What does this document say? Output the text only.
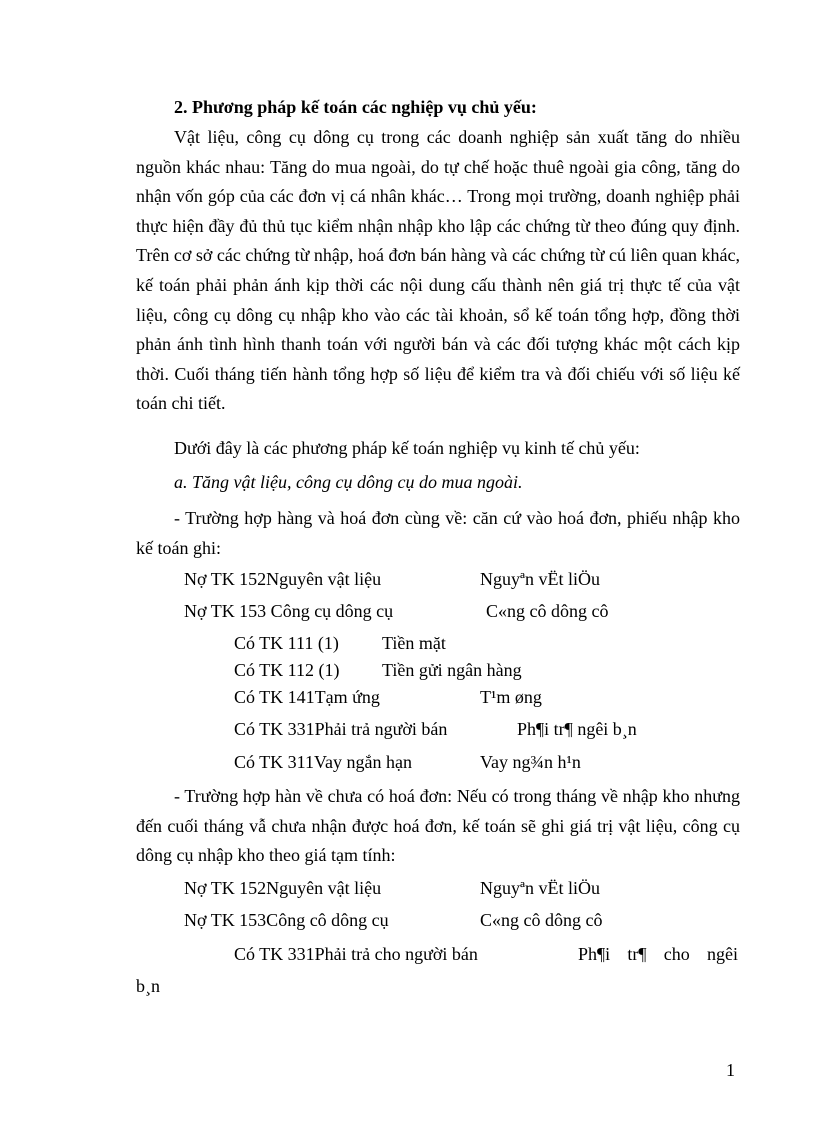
2. Phương pháp kế toán các nghiệp vụ chủ yếu:

Vật liệu, công cụ dông cụ trong các doanh nghiệp sản xuất tăng do nhiều nguồn khác nhau: Tăng do mua ngoài, do tự chế hoặc thuê ngoài gia công, tăng do nhận vốn góp của các đơn vị cá nhân khác… Trong mọi trường, doanh nghiệp phải thực hiện đầy đủ thủ tục kiểm nhận nhập kho lập các chứng từ theo đúng quy định. Trên cơ sở các chứng từ nhập, hoá đơn bán hàng và các chứng từ cú liên quan khác, kế toán phải phản ánh kịp thời các nội dung cấu thành nên giá trị thực tế của vật liệu, công cụ dông cụ nhập kho vào các tài khoản, sổ kế toán tổng hợp, đồng thời phản ánh tình hình thanh toán với người bán và các đối tượng khác một cách kịp thời. Cuối tháng tiến hành tổng hợp số liệu để kiểm tra và đối chiếu với số liệu kế toán chi tiết.

Dưới đây là các phương pháp kế toán nghiệp vụ kinh tế chủ yếu:

a. Tăng vật liệu, công cụ dông cụ do mua ngoài.

- Trường hợp hàng và hoá đơn cùng về: căn cứ vào hoá đơn, phiếu nhập kho kế toán ghi:

Nợ TK 152Nguyên vật liệu	Nguyªn vËt liÖu
Nợ TK 153 Công cụ dông cụ	C«ng cô dông cô
Có TK 111 (1) Tiền mặt
Có TK 112 (1) Tiền gửi ngân hàng
Có TK 141Tạm ứng	T¹m øng
Có TK 331Phải trả người bán	Ph¶i tr¶ ngêi b¸n
Có TK 311Vay ngắn hạn	Vay ng¾n h¹n

- Trường hợp hàn về chưa có hoá đơn: Nếu có trong tháng về nhập kho nhưng đến cuối tháng vẫ chưa nhận được hoá đơn, kế toán sẽ ghi giá trị vật liệu, công cụ dông cụ nhập kho theo giá tạm tính:

Nợ TK 152Nguyên vật liệu	Nguyªn vËt liÖu
Nợ TK 153Công cô dông cụ	C«ng cô dông cô
Có TK 331Phải trả cho người bán	Ph¶i tr¶ cho ngêi
b¸n
1
